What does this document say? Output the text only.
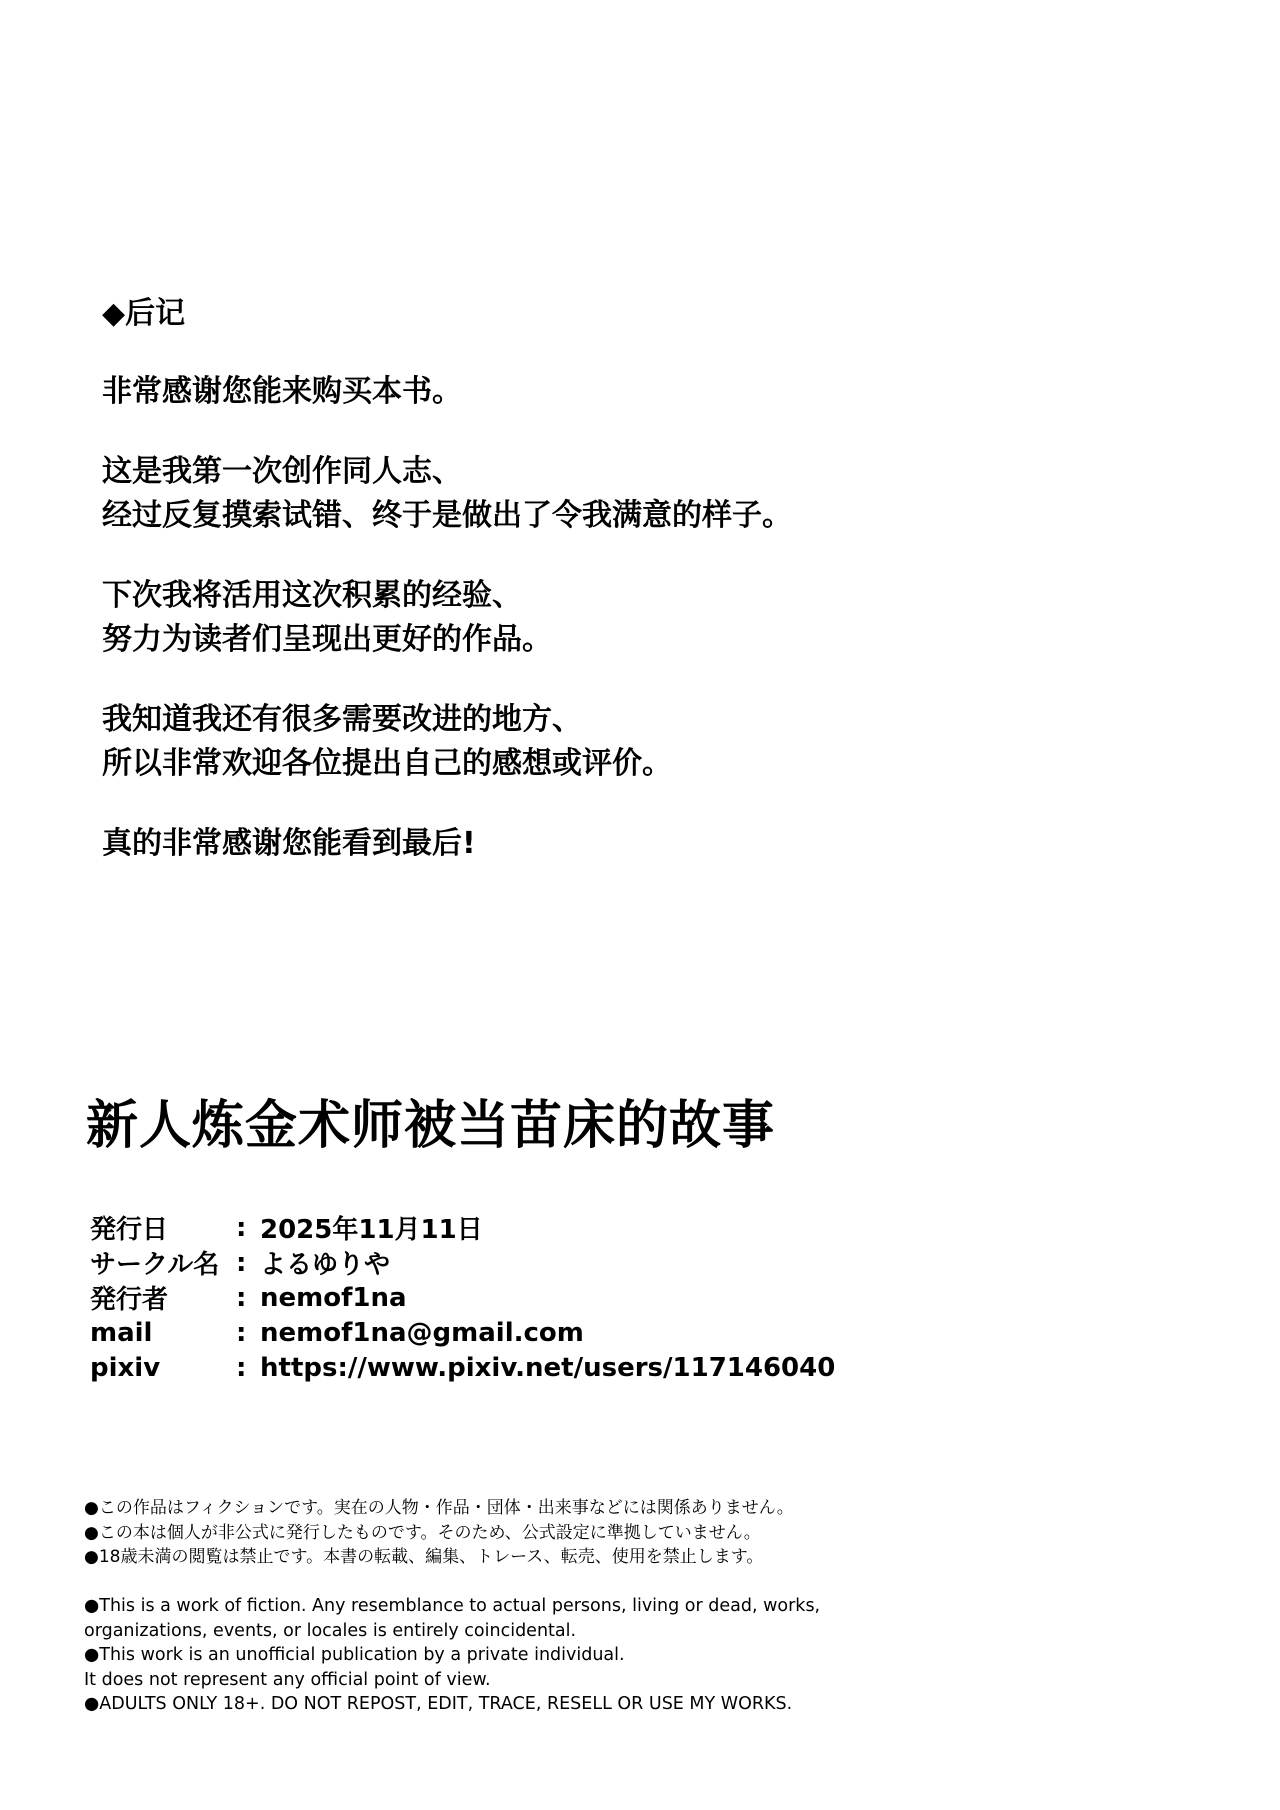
◆后记
非常感谢您能来购买本书。
这是我第一次创作同人志、
经过反复摸索试错、终于是做出了令我满意的样子。
下次我将活用这次积累的经验、
努力为读者们呈现出更好的作品。
我知道我还有很多需要改进的地方、
所以非常欢迎各位提出自己的感想或评价。
真的非常感谢您能看到最后!
新人炼金术师被当苗床的故事
発行日	: 2025年11月11日
サークル名 : よるゆりや
発行者	: nemof1na
mail	: nemof1na@gmail.com
pixiv	: https://www.pixiv.net/users/117146040
●この作品はフィクションです。実在の人物・作品・団体・出来事などには関係ありません。
●この本は個人が非公式に発行したものです。そのため、公式設定に準拠していません。
●18歳未満の閲覧は禁止です。本書の転載、編集、トレース、転売、使用を禁止します。
●This is a work of fiction. Any resemblance to actual persons, living or dead, works,
organizations, events, or locales is entirely coincidental.
●This work is an unofficial publication by a private individual.
It does not represent any official point of view.
●ADULTS ONLY 18+. DO NOT REPOST, EDIT, TRACE, RESELL OR USE MY WORKS.
